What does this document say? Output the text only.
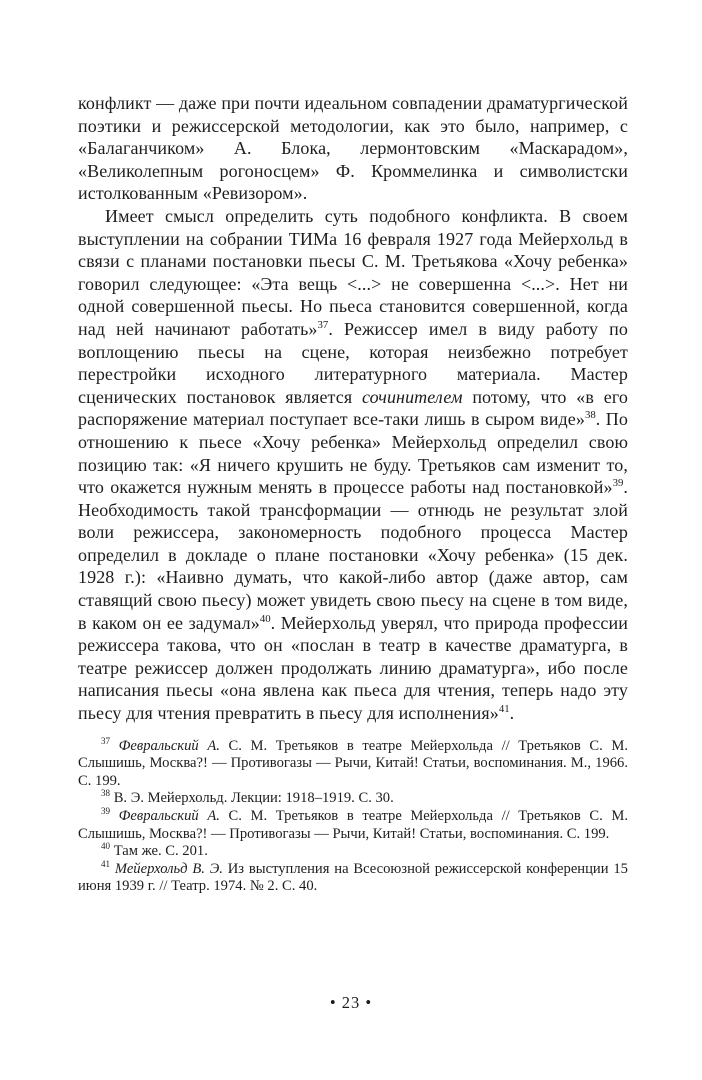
конфликт — даже при почти идеальном совпадении драматургической поэтики и режиссерской методологии, как это было, например, с «Балаганчиком» А. Блока, лермонтовским «Маскарадом», «Великолепным рогоносцем» Ф. Кроммелинка и символистски истолкованным «Ревизором».

Имеет смысл определить суть подобного конфликта. В своем выступлении на собрании ТИМа 16 февраля 1927 года Мейерхольд в связи с планами постановки пьесы С. М. Третьякова «Хочу ребенка» говорил следующее: «Эта вещь <...> не совершенна <...>. Нет ни одной совершенной пьесы. Но пьеса становится совершенной, когда над ней начинают работать»$^{37}$. Режиссер имел в виду работу по воплощению пьесы на сцене, которая неизбежно потребует перестройки исходного литературного материала. Мастер сценических постановок является сочинителем потому, что «в его распоряжение материал поступает все-таки лишь в сыром виде»$^{38}$. По отношению к пьесе «Хочу ребенка» Мейерхольд определил свою позицию так: «Я ничего крушить не буду. Третьяков сам изменит то, что окажется нужным менять в процессе работы над постановкой»$^{39}$. Необходимость такой трансформации — отнюдь не результат злой воли режиссера, закономерность подобного процесса Мастер определил в докладе о плане постановки «Хочу ребенка» (15 дек. 1928 г.): «Наивно думать, что какой-либо автор (даже автор, сам ставящий свою пьесу) может увидеть свою пьесу на сцене в том виде, в каком он ее задумал»$^{40}$. Мейерхольд уверял, что природа профессии режиссера такова, что он «послан в театр в качестве драматурга, в театре режиссер должен продолжать линию драматурга», ибо после написания пьесы «она явлена как пьеса для чтения, теперь надо эту пьесу для чтения превратить в пьесу для исполнения»$^{41}$.

$^{37}$ Февральский А. С. М. Третьяков в театре Мейерхольда // Третьяков С. М. Слышишь, Москва?! — Противогазы — Рычи, Китай! Статьи, воспоминания. М., 1966. С. 199.

$^{38}$ В. Э. Мейерхольд. Лекции: 1918–1919. С. 30.

$^{39}$ Февральский А. С. М. Третьяков в театре Мейерхольда // Третьяков С. М. Слышишь, Москва?! — Противогазы — Рычи, Китай! Статьи, воспоминания. С. 199.

$^{40}$ Там же. С. 201.

$^{41}$ Мейерхольд В. Э. Из выступления на Всесоюзной режиссерской конференции 15 июня 1939 г. // Театр. 1974. № 2. С. 40.

• 23 •
